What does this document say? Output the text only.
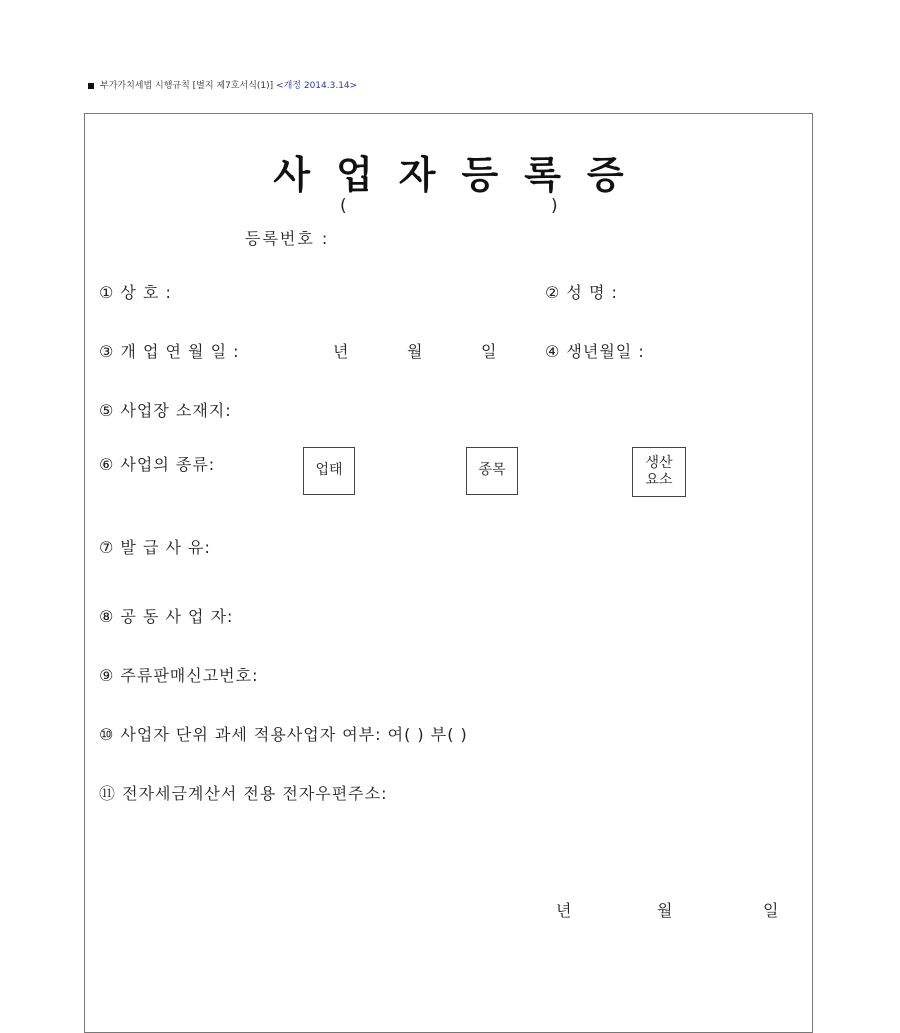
부가가치세법 시행규칙 [별지 제7호서식(1)] <개정 2014.3.14>
사업자등록증
(	)
등록번호 :
① 상 호 :	② 성 명 :
③ 개 업 연 월 일 :	년	월	일	④ 생년월일 :
⑤ 사업장 소재지:
⑥ 사업의 종류:	업태	종목	생산
요소
⑦ 발 급 사 유:
⑧ 공 동 사 업 자:
⑨ 주류판매신고번호:
⑩ 사업자 단위 과세 적용사업자 여부: 여( ) 부( )
⑪ 전자세금계산서 전용 전자우편주소:
년	월	일
